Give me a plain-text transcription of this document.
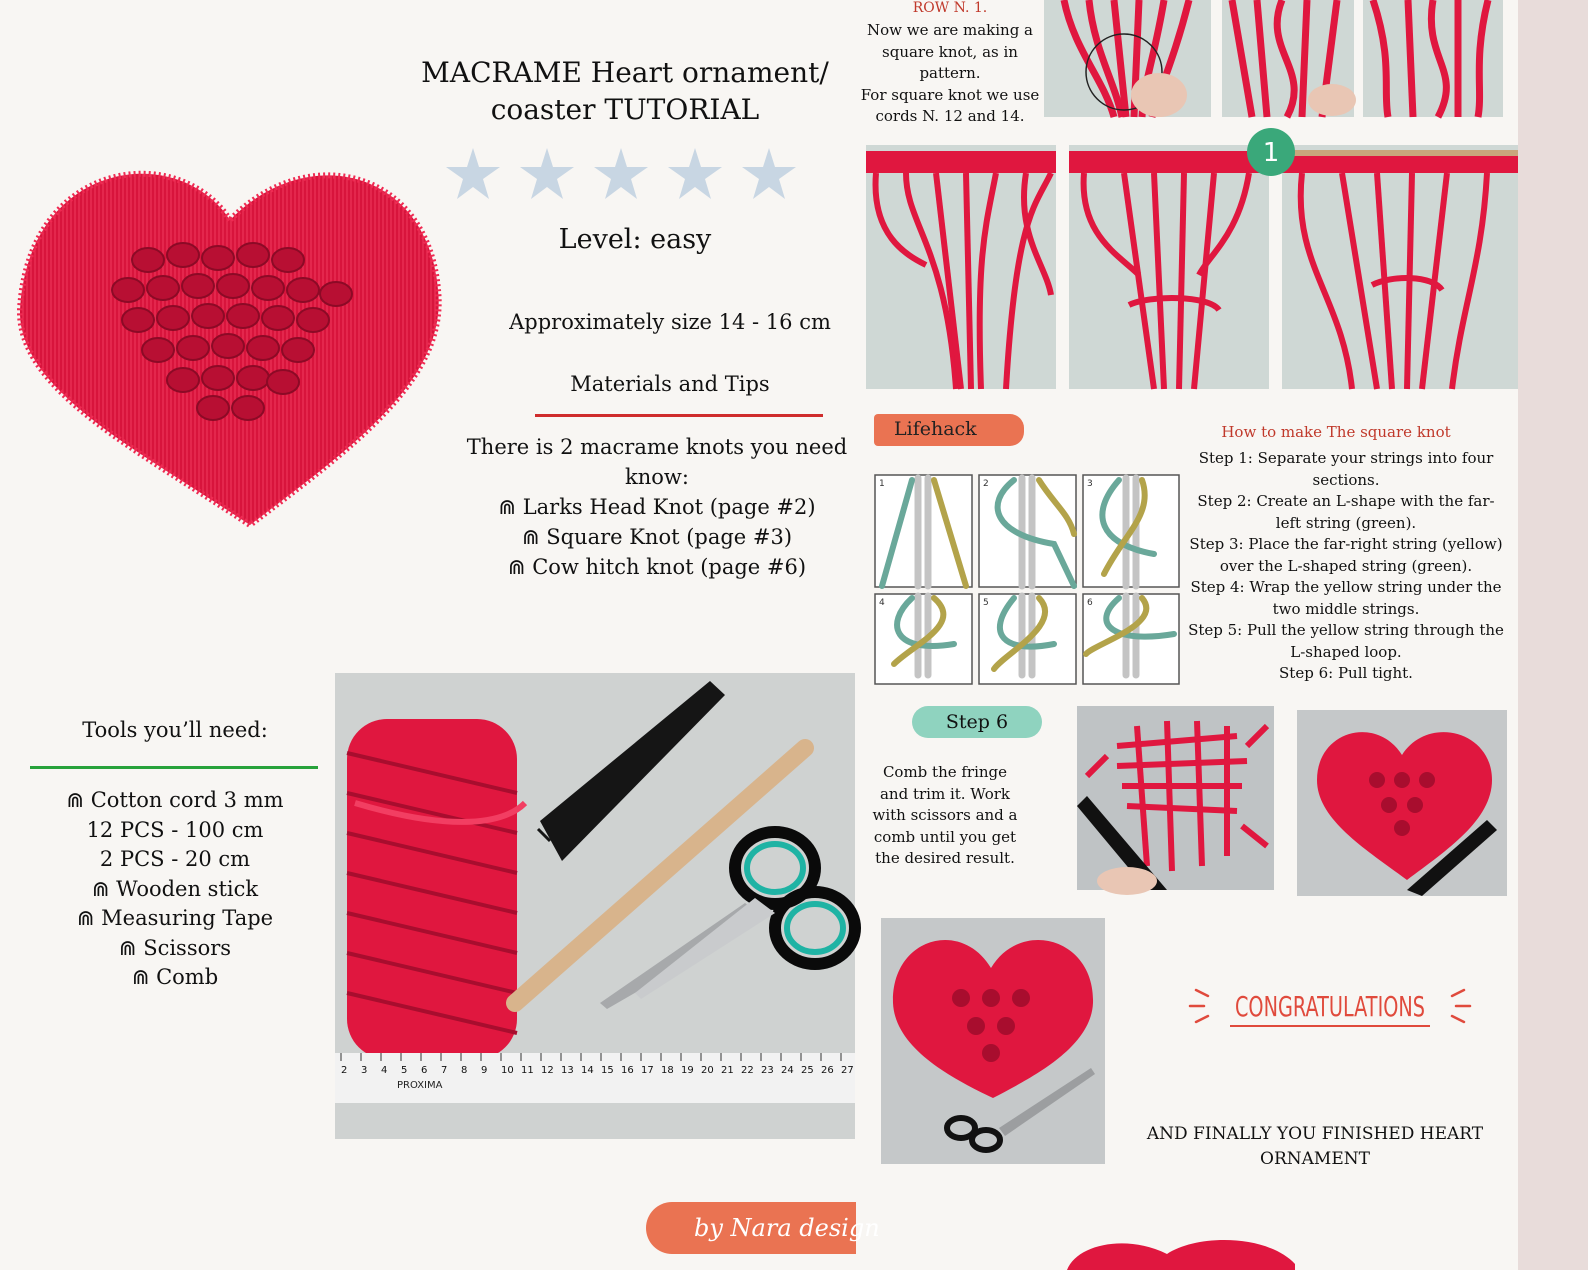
MACRAME Heart ornament/
coaster TUTORIAL
Level: easy
Approximately size 14 - 16 cm
Materials and Tips
There is 2 macrame knots you need
know:
⋒ Larks Head Knot (page #2)
⋒ Square Knot (page #3)
⋒ Cow hitch knot (page #6)
Tools you’ll need:
⋒ Cotton cord 3 mm
12 PCS - 100 cm
2 PCS - 20 cm
⋒ Wooden stick
⋒ Measuring Tape
⋒ Scissors
⋒ Comb
2 3 4 5 6 7 8 9 10 11 12 13 14 15 16 17 18 19 20 21 22 23 24 25 26 27
PROXIMA
by Nara design
ROW N. 1.
Now we are making a
square knot, as in
pattern.
For square knot we use
cords N. 12 and 14.
1
Lifehack	How to make The square knot
Step 1: Separate your strings into four sections.
Step 2: Create an L-shape with the far-left string (green).
Step 3: Place the far-right string (yellow) over the L-shaped string (green).
Step 4: Wrap the yellow string under the two middle strings.
Step 5: Pull the yellow string through the L-shaped loop.
Step 6: Pull tight.
1	2	3
4	5	6
Step 6
Comb the fringe
and trim it. Work
with scissors and a
comb until you get
the desired result.
CONGRATULATIONS
AND FINALLY YOU FINISHED HEART
ORNAMENT
